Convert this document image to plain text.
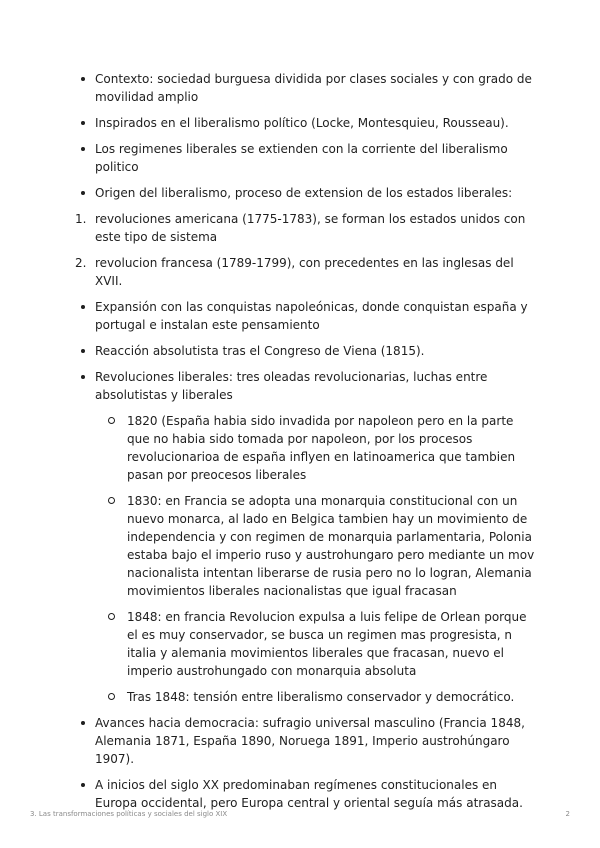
Contexto: sociedad burguesa dividida por clases sociales y con grado de movilidad amplio
Inspirados en el liberalismo político (Locke, Montesquieu, Rousseau).
Los regimenes liberales se extienden con la corriente del liberalismo politico
Origen del liberalismo, proceso de extension de los estados liberales:
1. revoluciones americana (1775-1783), se forman los estados unidos con este tipo de sistema
2. revolucion francesa (1789-1799), con precedentes en las inglesas del XVII.
Expansión con las conquistas napoleónicas, donde conquistan españa y portugal e instalan este pensamiento
Reacción absolutista tras el Congreso de Viena (1815).
Revoluciones liberales: tres oleadas revolucionarias, luchas entre absolutistas y liberales
1820 (España habia sido invadida por napoleon pero en la parte que no habia sido tomada por napoleon, por los procesos revolucionarioa de españa inflyen en latinoamerica que tambien pasan por preocesos liberales
1830: en Francia se adopta una monarquia constitucional con un nuevo monarca, al lado en Belgica tambien hay un movimiento de independencia y con regimen de monarquia parlamentaria, Polonia estaba bajo el imperio ruso y austrohungaro pero mediante un mov nacionalista intentan liberarse de rusia pero no lo logran, Alemania movimientos liberales nacionalistas que igual fracasan
1848: en francia Revolucion expulsa a luis felipe de Orlean porque el es muy conservador, se busca un regimen mas progresista, n italia y alemania movimientos liberales que fracasan, nuevo el imperio austrohungado con monarquia absoluta
Tras 1848: tensión entre liberalismo conservador y democrático.
Avances hacia democracia: sufragio universal masculino (Francia 1848, Alemania 1871, España 1890, Noruega 1891, Imperio austrohúngaro 1907).
A inicios del siglo XX predominaban regímenes constitucionales en Europa occidental, pero Europa central y oriental seguía más atrasada.
3. Las transformaciones políticas y sociales del siglo XIX	2
